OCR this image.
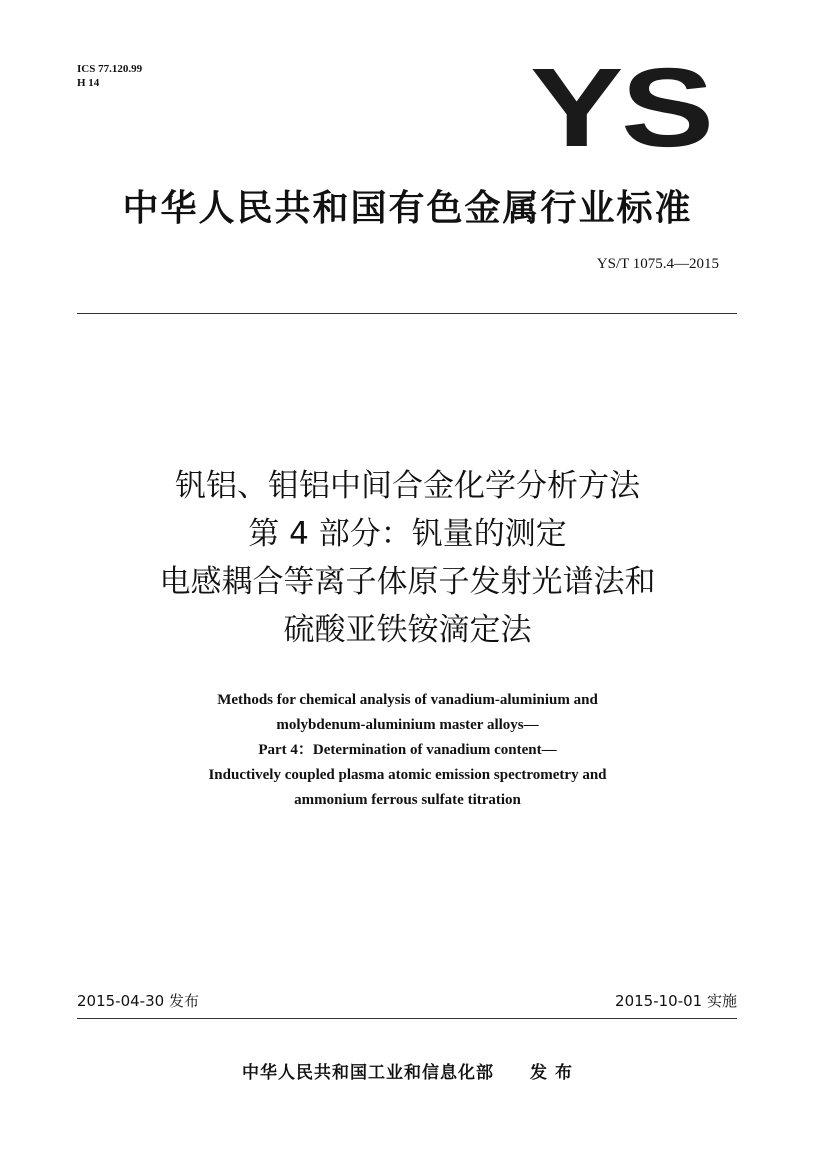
ICS 77.120.99
H 14	YS
中华人民共和国有色金属行业标准
YS/T 1075.4—2015
钒铝、钼铝中间合金化学分析方法
第 4 部分：钒量的测定
电感耦合等离子体原子发射光谱法和
硫酸亚铁铵滴定法
Methods for chemical analysis of vanadium-aluminium and
molybdenum-aluminium master alloys—
Part 4：Determination of vanadium content—
Inductively coupled plasma atomic emission spectrometry and
ammonium ferrous sulfate titration
2015-04-30 发布	2015-10-01 实施
中华人民共和国工业和信息化部 发 布
